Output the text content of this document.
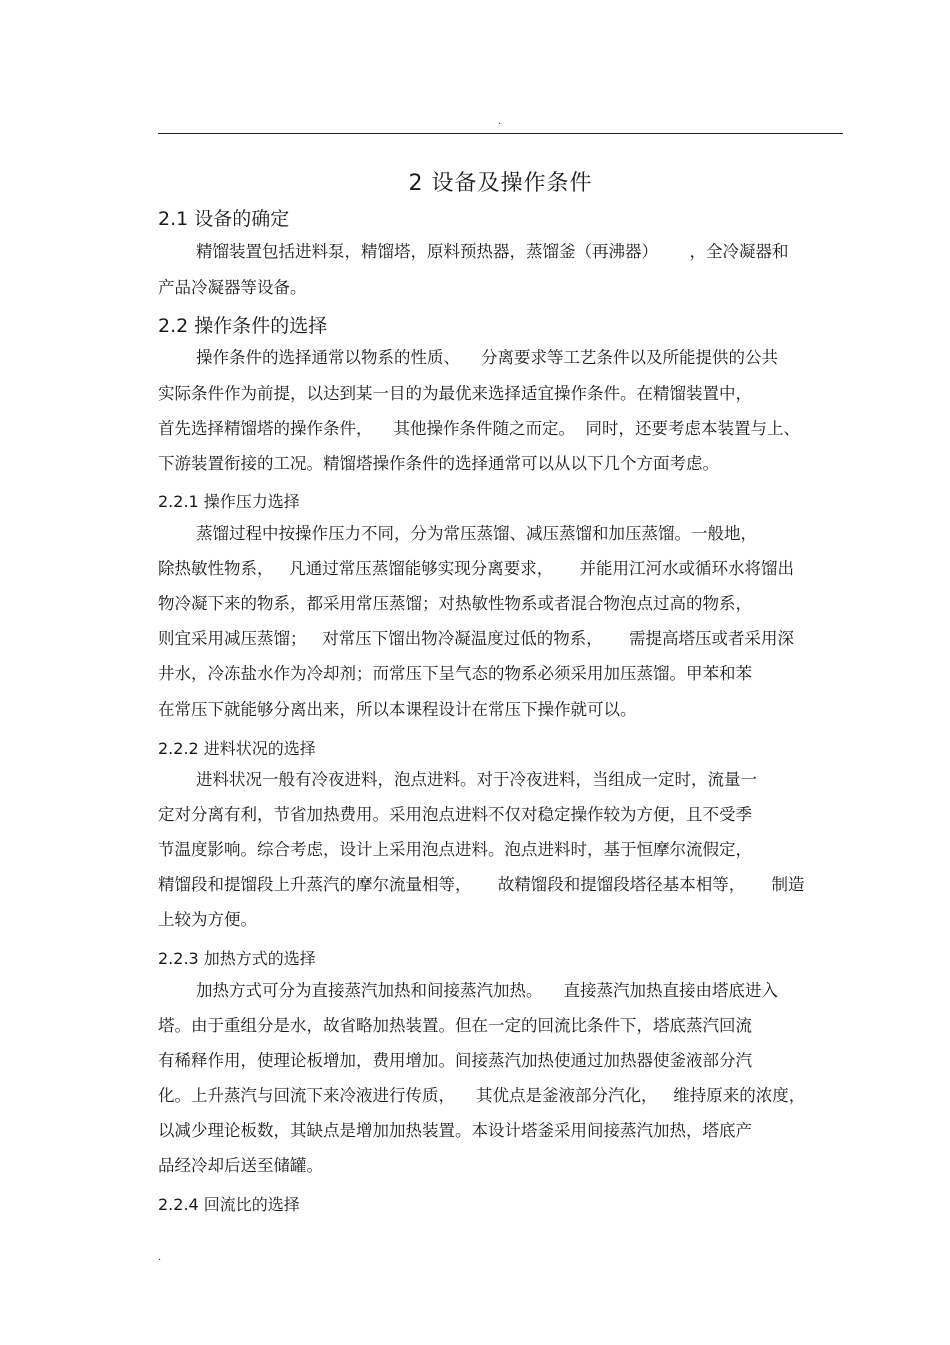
.
2 设备及操作条件
2.1 设备的确定
精馏装置包括进料泵，精馏塔，原料预热器，蒸馏釜（再沸器）      ，全冷凝器和
产品冷凝器等设备。
2.2 操作条件的选择
操作条件的选择通常以物系的性质、    分离要求等工艺条件以及所能提供的公共
实际条件作为前提，以达到某一目的为最优来选择适宜操作条件。在精馏装置中，
首先选择精馏塔的操作条件，    其他操作条件随之而定。  同时，还要考虑本装置与上、
下游装置衔接的工况。精馏塔操作条件的选择通常可以从以下几个方面考虑。
2.2.1 操作压力选择
蒸馏过程中按操作压力不同，分为常压蒸馏、减压蒸馏和加压蒸馏。一般地，
除热敏性物系，   凡通过常压蒸馏能够实现分离要求，     并能用江河水或循环水将馏出
物冷凝下来的物系，都采用常压蒸馏；对热敏性物系或者混合物泡点过高的物系，
则宜采用减压蒸馏；   对常压下馏出物冷凝温度过低的物系，     需提高塔压或者采用深
井水，冷冻盐水作为冷却剂；而常压下呈气态的物系必须采用加压蒸馏。甲苯和苯
在常压下就能够分离出来，所以本课程设计在常压下操作就可以。
2.2.2 进料状况的选择
进料状况一般有冷夜进料，泡点进料。对于冷夜进料，当组成一定时，流量一
定对分离有利，节省加热费用。采用泡点进料不仅对稳定操作较为方便，且不受季
节温度影响。综合考虑，设计上采用泡点进料。泡点进料时，基于恒摩尔流假定，
精馏段和提馏段上升蒸汽的摩尔流量相等，     故精馏段和提馏段塔径基本相等，     制造
上较为方便。
2.2.3 加热方式的选择
加热方式可分为直接蒸汽加热和间接蒸汽加热。    直接蒸汽加热直接由塔底进入
塔。由于重组分是水，故省略加热装置。但在一定的回流比条件下，塔底蒸汽回流
有稀释作用，使理论板增加，费用增加。间接蒸汽加热使通过加热器使釜液部分汽
化。上升蒸汽与回流下来冷液进行传质，    其优点是釜液部分汽化，   维持原来的浓度，
以减少理论板数，其缺点是增加加热装置。本设计塔釜采用间接蒸汽加热，塔底产
品经冷却后送至储罐。
2.2.4 回流比的选择
.
